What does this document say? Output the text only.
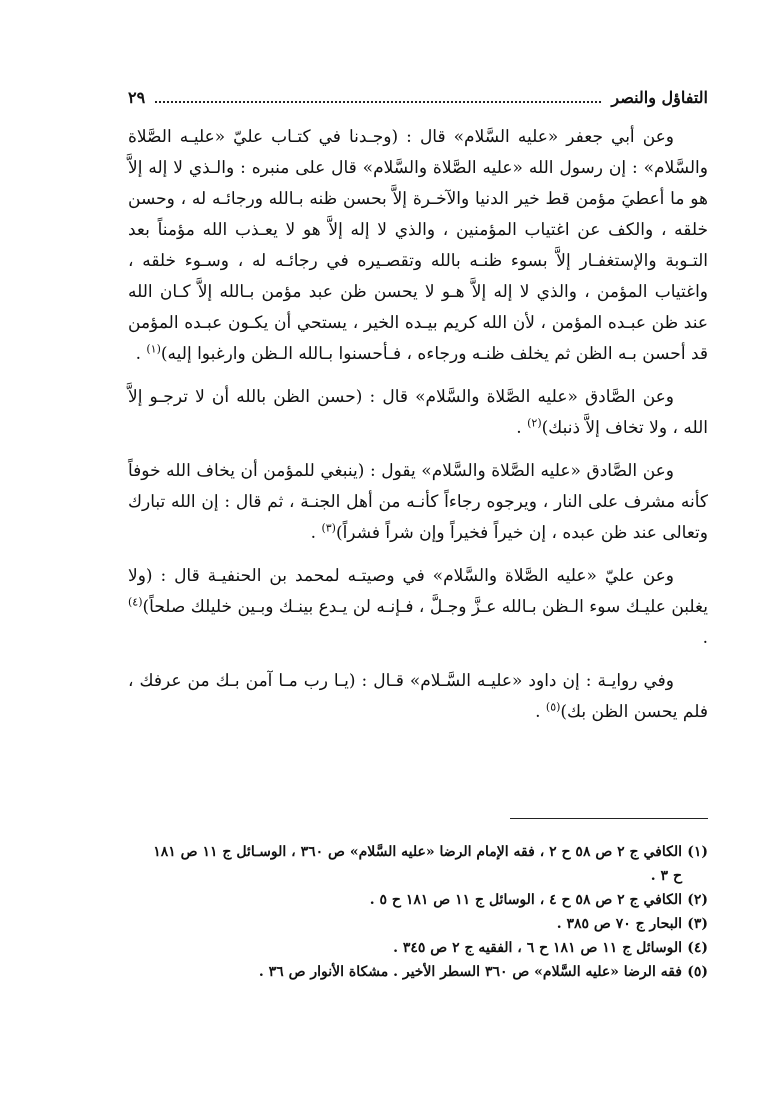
التفاؤل والنصر
٢٩

وعن أبي جعفر «عليه السَّلام» قال : (وجـدنا في كتـاب عليّ «عليـه الصَّلاة والسَّلام» : إن رسول الله «عليه الصَّلاة والسَّلام» قال على منبره : والـذي لا إله إلاَّ هو ما أعطيَ مؤمن قط خير الدنيا والآخـرة إلاَّ بحسن ظنه بـالله ورجائـه له ، وحسن خلقه ، والكف عن اغتياب المؤمنين ، والذي لا إله إلاَّ هو لا يعـذب الله مؤمناً بعد التـوبة والإستغفـار إلاَّ بسوء ظنـه بالله وتقصـيره في رجائـه له ، وسـوء خلقه ، واغتياب المؤمن ، والذي لا إله إلاَّ هـو لا يحسن ظن عبد مؤمن بـالله إلاَّ كـان الله عند ظن عبـده المؤمن ، لأن الله كريم بيـده الخير ، يستحي أن يكـون عبـده المؤمن قد أحسن بـه الظن ثم يخلف ظنـه ورجاءه ، فـأحسنوا بـالله الـظن وارغبوا إليه)$^{(١)}$ .

وعن الصَّادق «عليه الصَّلاة والسَّلام» قال : (حسن الظن بالله أن لا ترجـو إلاَّ الله ، ولا تخاف إلاَّ ذنبك)$^{(٢)}$ .

وعن الصَّادق «عليه الصَّلاة والسَّلام» يقول : (ينبغي للمؤمن أن يخاف الله خوفاً كأنه مشرف على النار ، ويرجوه رجاءاً كأنـه من أهل الجنـة ، ثم قال : إن الله تبارك وتعالى عند ظن عبده ، إن خيراً فخيراً وإن شراً فشراً)$^{(٣)}$ .

وعن عليّ «عليه الصَّلاة والسَّلام» في وصيتـه لمحمد بن الحنفيـة قال : (ولا يغلبن عليـك سوء الـظن بـالله عـزَّ وجـلَّ ، فـإنـه لن يـدع بينـك وبـين خليلك صلحاً)$^{(٤)}$ .

وفي روايـة : إن داود «عليـه السَّـلام» قـال : (يـا رب مـا آمن بـك من عرفك ، فلم يحسن الظن بك)$^{(٥)}$ .

(١)الكافي ج ٢ ص ٥٨ ح ٢ ، فقه الإمام الرضا «عليه السَّلام» ص ٣٦٠ ، الوسـائل ج ١١ ص ١٨١ ح ٣ .

(٢)الكافي ج ٢ ص ٥٨ ح ٤ ، الوسائل ج ١١ ص ١٨١ ح ٥ .

(٣)البحار ج ٧٠ ص ٣٨٥ .

(٤)الوسائل ج ١١ ص ١٨١ ح ٦ ، الفقيه ج ٢ ص ٣٤٥ .

(٥)فقه الرضا «عليه السَّلام» ص ٣٦٠ السطر الأخير . مشكاة الأنوار ص ٣٦ .
